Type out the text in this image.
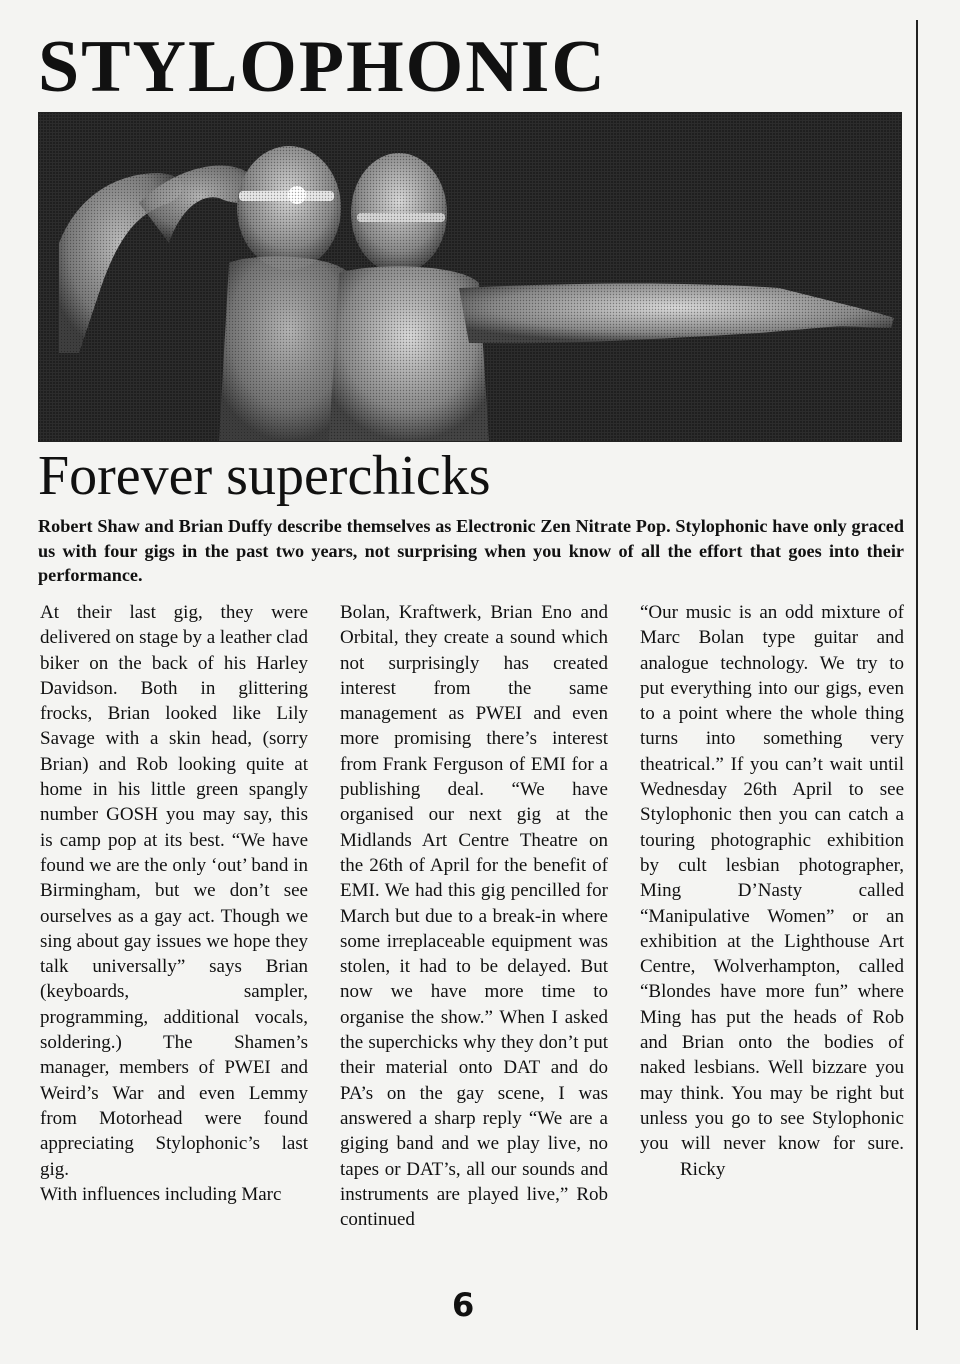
STYLOPHONIC
Forever superchicks

Robert Shaw and Brian Duffy describe themselves as Electronic Zen Nitrate Pop. Stylophonic have only graced us with four gigs in the past two years, not surprising when you know of all the effort that goes into their performance.

At their last gig, they were delivered on stage by a leather clad biker on the back of his Harley Davidson. Both in glittering frocks, Brian looked like Lily Savage with a skin head, (sorry Brian) and Rob looking quite at home in his little green spangly number GOSH you may say, this is camp pop at its best. “We have found we are the only ‘out’ band in Birmingham, but we don’t see ourselves as a gay act. Though we sing about gay issues we hope they talk universally” says Brian (keyboards, sampler, programming, additional vocals, soldering.) The Shamen’s manager, members of PWEI and Weird’s War and even Lemmy from Motorhead were found appreciating Stylophonic’s last gig.

With influences including Marc

Bolan, Kraftwerk, Brian Eno and Orbital, they create a sound which not surprisingly has created interest from the same management as PWEI and even more promising there’s interest from Frank Ferguson of EMI for a publishing deal. “We have organised our next gig at the Midlands Art Centre Theatre on the 26th of April for the benefit of EMI. We had this gig pencilled for March but due to a break-in where some irreplaceable equipment was stolen, it had to be delayed. But now we have more time to organise the show.” When I asked the superchicks why they don’t put their material onto DAT and do PA’s on the gay scene, I was answered a sharp reply “We are a giging band and we play live, no tapes or DAT’s, all our sounds and instruments are played live,” Rob continued

“Our music is an odd mixture of Marc Bolan type guitar and analogue technology. We try to put everything into our gigs, even to a point where the whole thing turns into something very theatrical.” If you can’t wait until Wednesday 26th April to see Stylophonic then you can catch a touring photographic exhibition by cult lesbian photographer, Ming D’Nasty called “Manipulative Women” or an exhibition at the Lighthouse Art Centre, Wolverhampton, called “Blondes have more fun” where Ming has put the heads of Rob and Brian onto the bodies of naked lesbians. Well bizzare you may think. You may be right but unless you go to see Stylophonic you will never know for sure.Ricky

6
